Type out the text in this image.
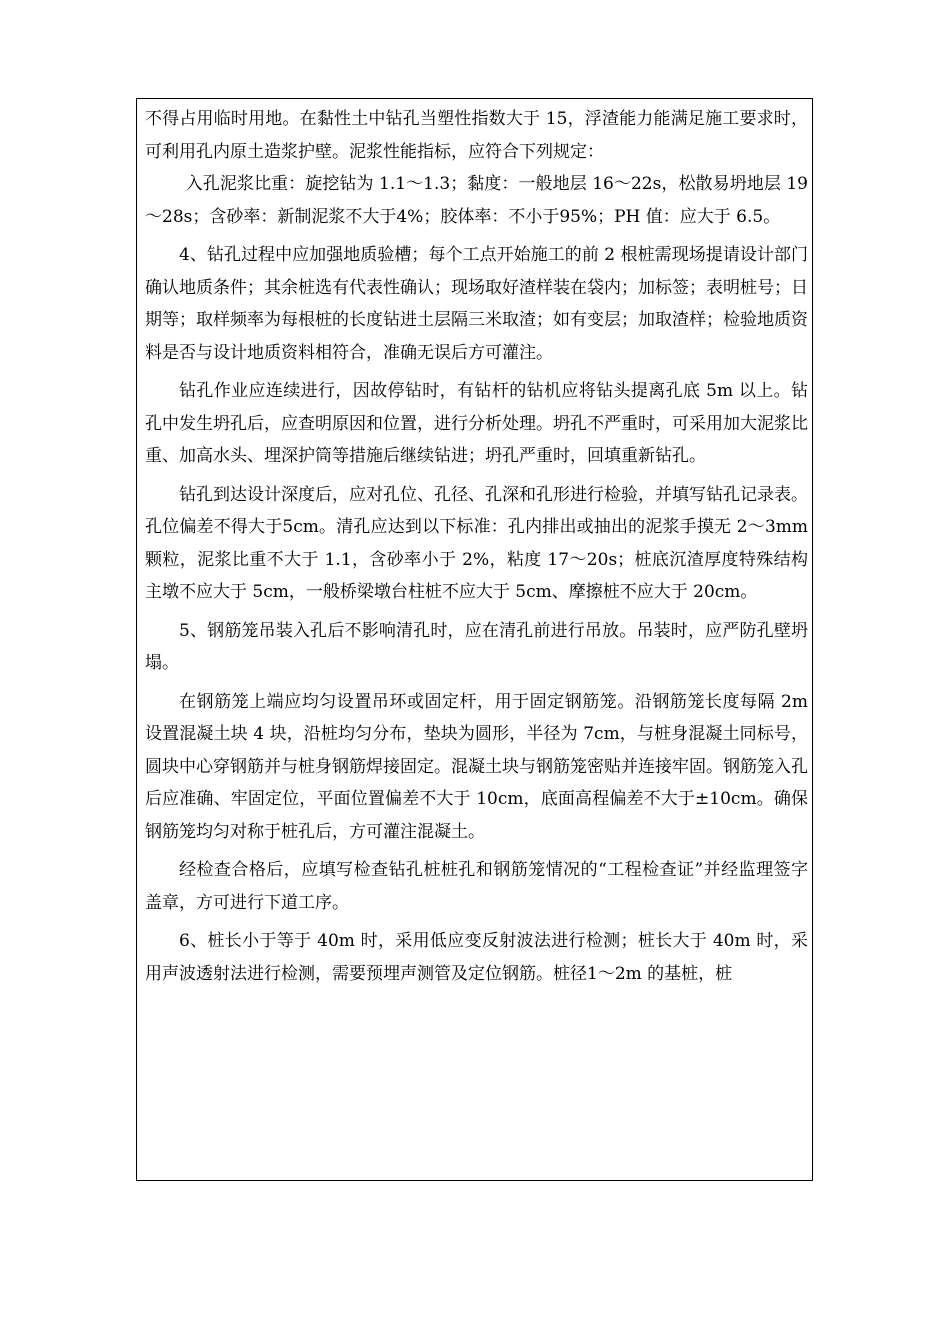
不得占用临时用地。在黏性土中钻孔当塑性指数大于 15，浮渣能力能满足施工要求时，可利用孔内原土造浆护壁。泥浆性能指标，应符合下列规定：

入孔泥浆比重：旋挖钻为 1.1～1.3；黏度：一般地层 16～22s，松散易坍地层 19～28s；含砂率：新制泥浆不大于4%；胶体率：不小于95%；PH 值：应大于 6.5。

4、钻孔过程中应加强地质验槽；每个工点开始施工的前 2 根桩需现场提请设计部门确认地质条件；其余桩选有代表性确认；现场取好渣样装在袋内；加标签；表明桩号；日期等；取样频率为每根桩的长度钻进土层隔三米取渣；如有变层；加取渣样；检验地质资料是否与设计地质资料相符合，准确无误后方可灌注。

钻孔作业应连续进行，因故停钻时，有钻杆的钻机应将钻头提离孔底 5m 以上。钻孔中发生坍孔后，应查明原因和位置，进行分析处理。坍孔不严重时，可采用加大泥浆比重、加高水头、埋深护筒等措施后继续钻进；坍孔严重时，回填重新钻孔。

钻孔到达设计深度后，应对孔位、孔径、孔深和孔形进行检验，并填写钻孔记录表。孔位偏差不得大于5cm。清孔应达到以下标准：孔内排出或抽出的泥浆手摸无 2～3mm 颗粒，泥浆比重不大于 1.1，含砂率小于 2%，粘度 17～20s；桩底沉渣厚度特殊结构主墩不应大于 5cm，一般桥梁墩台柱桩不应大于 5cm、摩擦桩不应大于 20cm。

5、钢筋笼吊装入孔后不影响清孔时，应在清孔前进行吊放。吊装时，应严防孔壁坍塌。

在钢筋笼上端应均匀设置吊环或固定杆，用于固定钢筋笼。沿钢筋笼长度每隔 2m 设置混凝土块 4 块，沿桩均匀分布，垫块为圆形，半径为 7cm，与桩身混凝土同标号，圆块中心穿钢筋并与桩身钢筋焊接固定。混凝土块与钢筋笼密贴并连接牢固。钢筋笼入孔后应准确、牢固定位，平面位置偏差不大于 10cm，底面高程偏差不大于±10cm。确保钢筋笼均匀对称于桩孔后，方可灌注混凝土。

经检查合格后，应填写检查钻孔桩桩孔和钢筋笼情况的“工程检查证”并经监理签字盖章，方可进行下道工序。

6、桩长小于等于 40m 时，采用低应变反射波法进行检测；桩长大于 40m 时，采用声波透射法进行检测，需要预埋声测管及定位钢筋。桩径1～2m 的基桩，桩
